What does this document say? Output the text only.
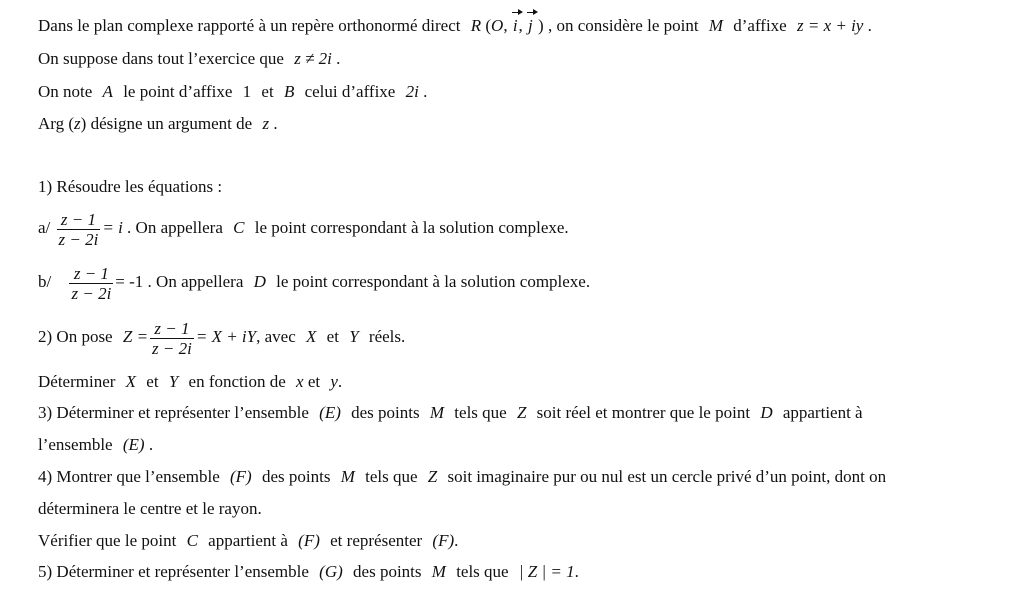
Dans le plan complexe rapporté à un repère orthonormé direct R (O, i, j ) , on considère le point M d’affixe z = x + iy .
On suppose dans tout l’exercice que z ≠ 2i .
On note A le point d’affixe 1 et B celui d’affixe 2i .
Arg (z) désigne un argument de z .
1) Résoudre les équations :
$a/ \frac{z - 1}{z - 2i} = i$ . On appellera C le point correspondant à la solution complexe.
$b/ \frac{z - 1}{z - 2i} = -1$ . On appellera D le point correspondant à la solution complexe.
2) On pose $Z = \frac{z - 1}{z - 2i} = X$ + iY, avec X et Y réels.
Déterminer X et Y en fonction de x et y.
3) Déterminer et représenter l’ensemble (E) des points M tels que Z soit réel et montrer que le point D appartient à
l’ensemble (E) .
4) Montrer que l’ensemble (F) des points M tels que Z soit imaginaire pur ou nul est un cercle privé d’un point, dont on
déterminera le centre et le rayon.
Vérifier que le point C appartient à (F) et représenter (F).
5) Déterminer et représenter l’ensemble (G) des points M tels que | Z | = 1.
